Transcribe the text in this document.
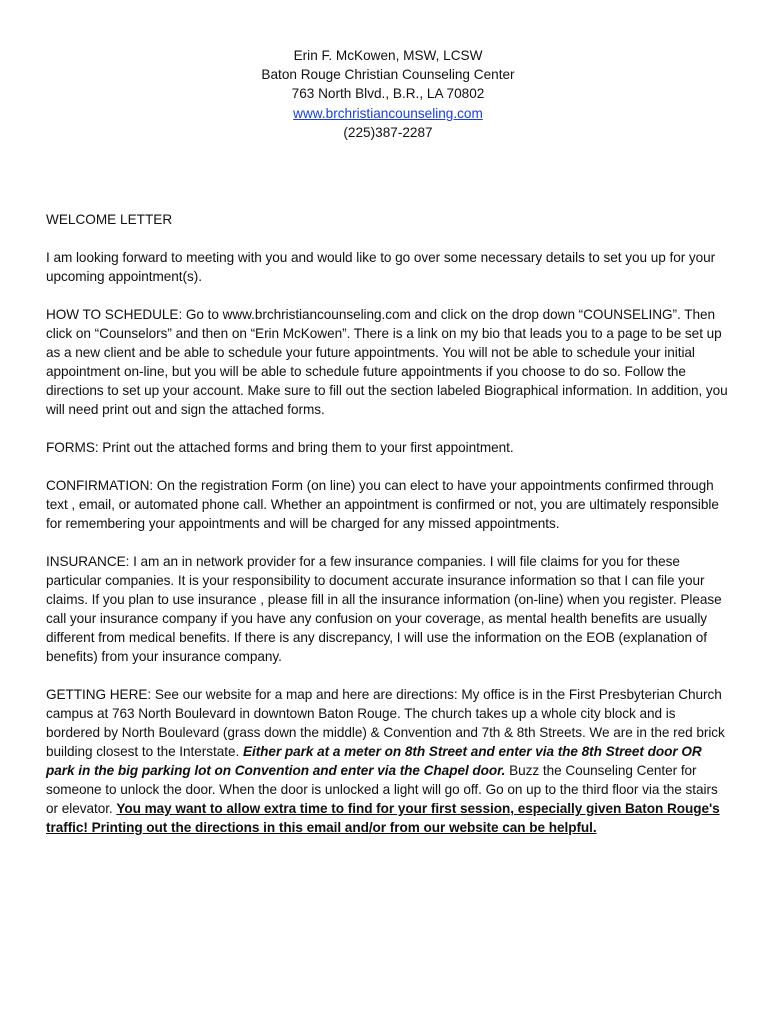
Erin F. McKowen, MSW, LCSW
Baton Rouge Christian Counseling Center
763 North Blvd., B.R., LA 70802
www.brchristiancounseling.com
(225)387-2287
WELCOME LETTER
I am looking forward to meeting with you and would like to go over some necessary details to set you up for your upcoming appointment(s).
HOW TO SCHEDULE: Go to www.brchristiancounseling.com and click on the drop down “COUNSELING”. Then click on “Counselors” and then on “Erin McKowen”. There is a link on my bio that leads you to a page to be set up as a new client and be able to schedule your future appointments. You will not be able to schedule your initial appointment on-line, but you will be able to schedule future appointments if you choose to do so. Follow the directions to set up your account. Make sure to fill out the section labeled Biographical information. In addition, you will need print out and sign the attached forms.
FORMS: Print out the attached forms and bring them to your first appointment.
CONFIRMATION: On the registration Form (on line) you can elect to have your appointments confirmed through text , email, or automated phone call. Whether an appointment is confirmed or not, you are ultimately responsible for remembering your appointments and will be charged for any missed appointments.
INSURANCE: I am an in network provider for a few insurance companies. I will file claims for you for these particular companies. It is your responsibility to document accurate insurance information so that I can file your claims. If you plan to use insurance , please fill in all the insurance information (on-line) when you register. Please call your insurance company if you have any confusion on your coverage, as mental health benefits are usually different from medical benefits. If there is any discrepancy, I will use the information on the EOB (explanation of benefits) from your insurance company.
GETTING HERE: See our website for a map and here are directions: My office is in the First Presbyterian Church campus at 763 North Boulevard in downtown Baton Rouge. The church takes up a whole city block and is bordered by North Boulevard (grass down the middle) & Convention and 7th & 8th Streets. We are in the red brick building closest to the Interstate. Either park at a meter on 8th Street and enter via the 8th Street door OR park in the big parking lot on Convention and enter via the Chapel door. Buzz the Counseling Center for someone to unlock the door. When the door is unlocked a light will go off. Go on up to the third floor via the stairs or elevator. You may want to allow extra time to find for your first session, especially given Baton Rouge's traffic! Printing out the directions in this email and/or from our website can be helpful.
